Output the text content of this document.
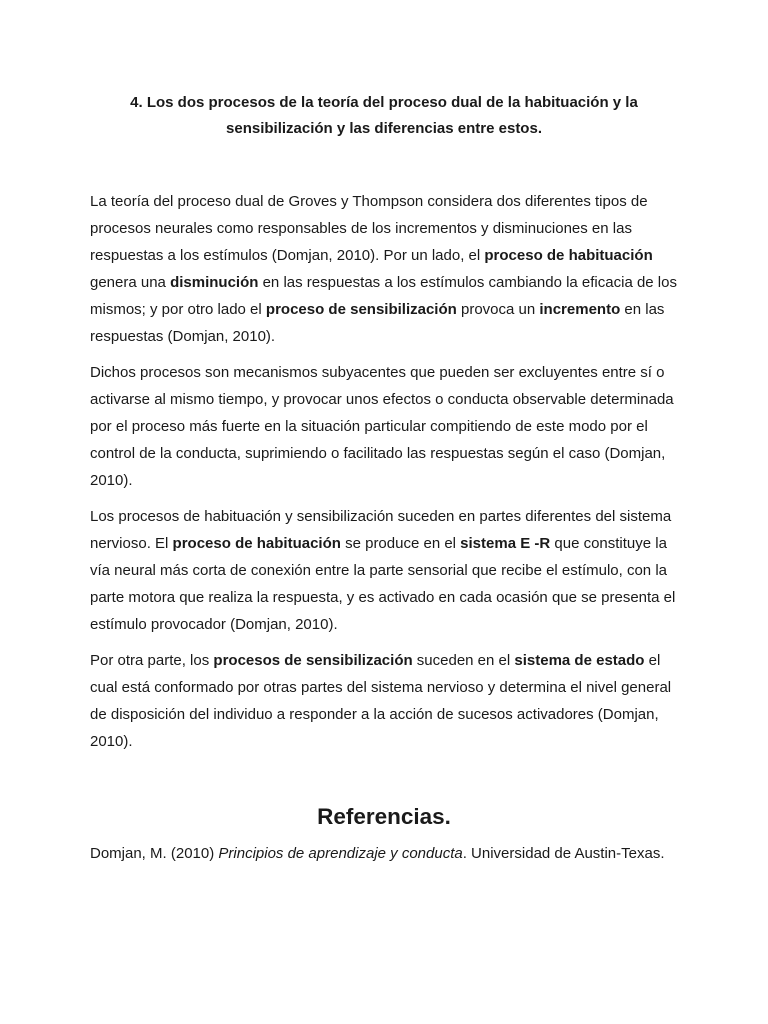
4. Los dos procesos de la teoría del proceso dual de la habituación y la
sensibilización y las diferencias entre estos.

La teoría del proceso dual de Groves y Thompson considera dos diferentes tipos de procesos neurales como responsables de los incrementos y disminuciones en las respuestas a los estímulos (Domjan, 2010). Por un lado, el proceso de habituación genera una disminución en las respuestas a los estímulos cambiando la eficacia de los mismos; y por otro lado el proceso de sensibilización provoca un incremento en las respuestas (Domjan, 2010).

Dichos procesos son mecanismos subyacentes que pueden ser excluyentes entre sí o activarse al mismo tiempo, y provocar unos efectos o conducta observable determinada por el proceso más fuerte en la situación particular compitiendo de este modo por el control de la conducta, suprimiendo o facilitado las respuestas según el caso (Domjan, 2010).

Los procesos de habituación y sensibilización suceden en partes diferentes del sistema nervioso. El proceso de habituación se produce en el sistema E -R que constituye la vía neural más corta de conexión entre la parte sensorial que recibe el estímulo, con la parte motora que realiza la respuesta, y es activado en cada ocasión que se presenta el estímulo provocador (Domjan, 2010).

Por otra parte, los procesos de sensibilización suceden en el sistema de estado el cual está conformado por otras partes del sistema nervioso y determina el nivel general de disposición del individuo a responder a la acción de sucesos activadores (Domjan, 2010).

Referencias.

Domjan, M. (2010) Principios de aprendizaje y conducta. Universidad de Austin-Texas.
